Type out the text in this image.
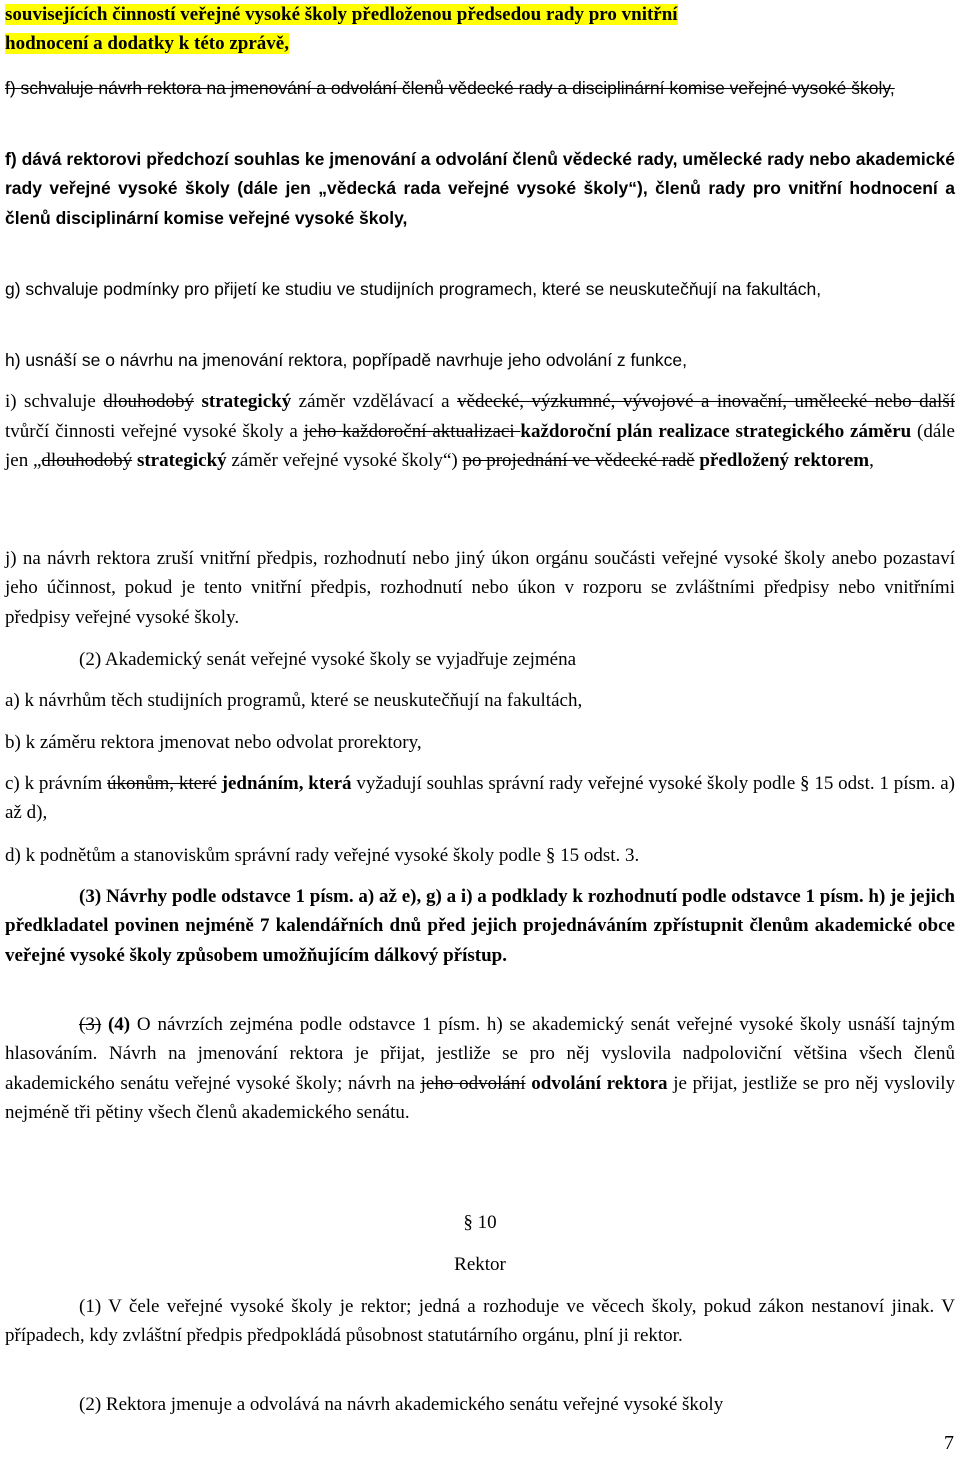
souvisejících činností veřejné vysoké školy předloženou předsedou rady pro vnitřní
hodnocení a dodatky k této zprávě,

f) schvaluje návrh rektora na jmenování a odvolání členů vědecké rady a disciplinární komise veřejné vysoké školy,

f) dává rektorovi předchozí souhlas ke jmenování a odvolání členů vědecké rady, umělecké rady nebo akademické rady veřejné vysoké školy (dále jen „vědecká rada veřejné vysoké školy“), členů rady pro vnitřní hodnocení a členů disciplinární komise veřejné vysoké školy,

g) schvaluje podmínky pro přijetí ke studiu ve studijních programech, které se neuskutečňují na fakultách,

h) usnáší se o návrhu na jmenování rektora, popřípadě navrhuje jeho odvolání z funkce,

i) schvaluje dlouhodobý strategický záměr vzdělávací a vědecké, výzkumné, vývojové a inovační, umělecké nebo další tvůrčí činnosti veřejné vysoké školy a jeho každoroční aktualizaci každoroční plán realizace strategického záměru (dále jen „dlouhodobý strategický záměr veřejné vysoké školy“) po projednání ve vědecké radě předložený rektorem,

j) na návrh rektora zruší vnitřní předpis, rozhodnutí nebo jiný úkon orgánu součásti veřejné vysoké školy anebo pozastaví jeho účinnost, pokud je tento vnitřní předpis, rozhodnutí nebo úkon v rozporu se zvláštními předpisy nebo vnitřními předpisy veřejné vysoké školy.

(2) Akademický senát veřejné vysoké školy se vyjadřuje zejména

a) k návrhům těch studijních programů, které se neuskutečňují na fakultách,

b) k záměru rektora jmenovat nebo odvolat prorektory,

c) k právním úkonům, které jednáním, která vyžadují souhlas správní rady veřejné vysoké školy podle § 15 odst. 1 písm. a) až d),

d) k podnětům a stanoviskům správní rady veřejné vysoké školy podle § 15 odst. 3.

(3) Návrhy podle odstavce 1 písm. a) až e), g) a i) a podklady k rozhodnutí podle odstavce 1 písm. h) je jejich předkladatel povinen nejméně 7 kalendářních dnů před jejich projednáváním zpřístupnit členům akademické obce veřejné vysoké školy způsobem umožňujícím dálkový přístup.

(3) (4) O návrzích zejména podle odstavce 1 písm. h) se akademický senát veřejné vysoké školy usnáší tajným hlasováním. Návrh na jmenování rektora je přijat, jestliže se pro něj vyslovila nadpoloviční většina všech členů akademického senátu veřejné vysoké školy; návrh na jeho odvolání odvolání rektora je přijat, jestliže se pro něj vyslovily nejméně tři pětiny všech členů akademického senátu.

§ 10

Rektor

(1) V čele veřejné vysoké školy je rektor; jedná a rozhoduje ve věcech školy, pokud zákon nestanoví jinak. V případech, kdy zvláštní předpis předpokládá působnost statutárního orgánu, plní ji rektor.

(2) Rektora jmenuje a odvolává na návrh akademického senátu veřejné vysoké školy

7
